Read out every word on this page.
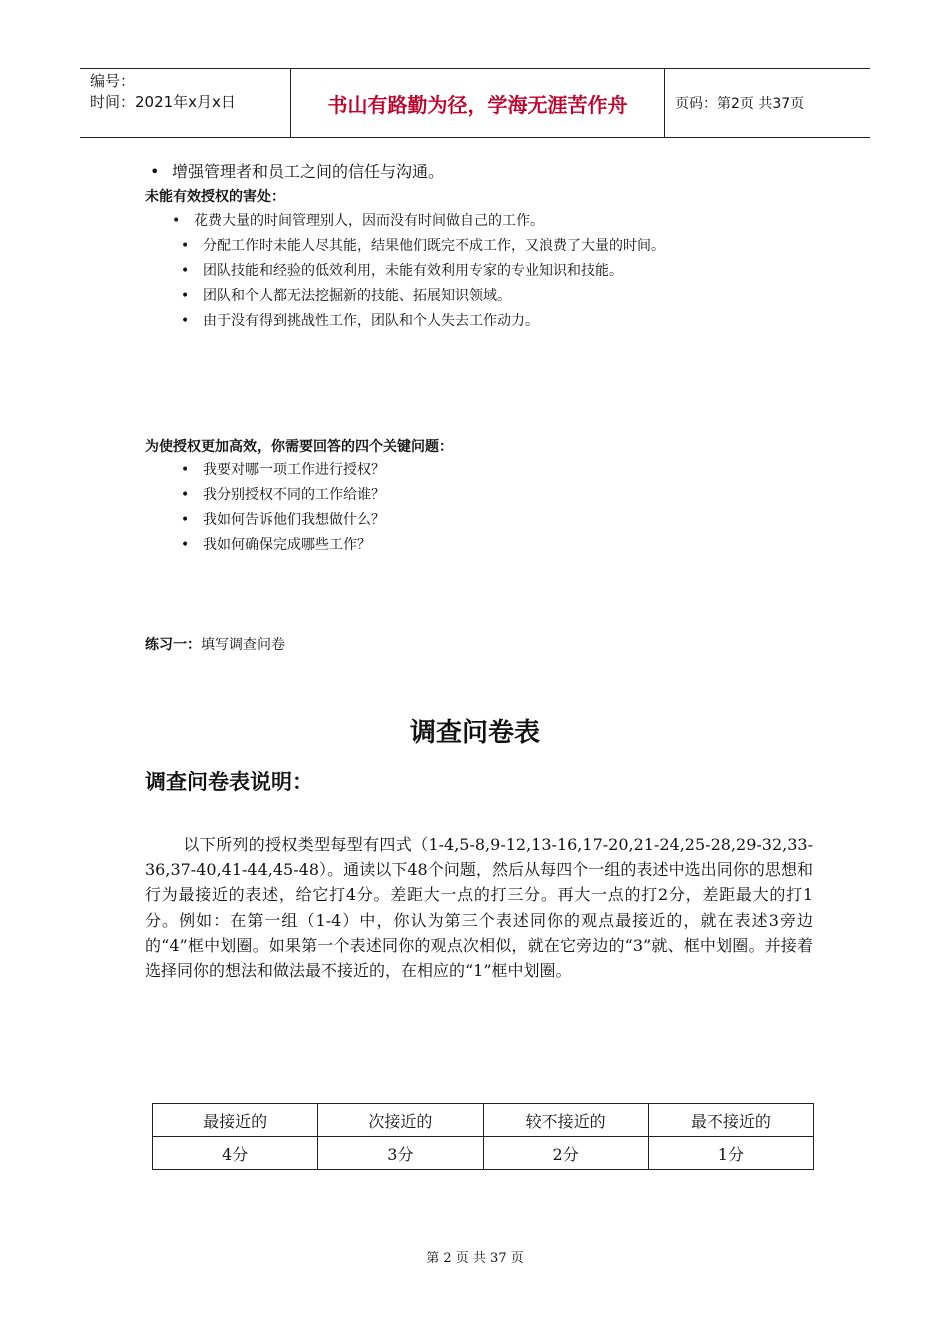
编号：
时间：2021年x月x日	书山有路勤为径，学海无涯苦作舟	页码：第2页 共37页
• 增强管理者和员工之间的信任与沟通。
未能有效授权的害处：
• 花费大量的时间管理别人，因而没有时间做自己的工作。
• 分配工作时未能人尽其能，结果他们既完不成工作，又浪费了大量的时间。
• 团队技能和经验的低效利用，未能有效利用专家的专业知识和技能。
• 团队和个人都无法挖掘新的技能、拓展知识领域。
• 由于没有得到挑战性工作，团队和个人失去工作动力。
为使授权更加高效，你需要回答的四个关键问题：
• 我要对哪一项工作进行授权？
• 我分别授权不同的工作给谁？
• 我如何告诉他们我想做什么？
• 我如何确保完成哪些工作？
练习一：填写调查问卷
调查问卷表
调查问卷表说明：
以下所列的授权类型每型有四式（1-4,5-8,9-12,13-16,17-20,21-24,25-28,29-32,33-36,37-40,41-44,45-48）。通读以下48个问题，然后从每四个一组的表述中选出同你的思想和行为最接近的表述，给它打4分。差距大一点的打三分。再大一点的打2分，差距最大的打1分。例如：在第一组（1-4）中，你认为第三个表述同你的观点最接近的，就在表述3旁边的“4”框中划圈。如果第一个表述同你的观点次相似，就在它旁边的“3”就、框中划圈。并接着选择同你的想法和做法最不接近的，在相应的“1”框中划圈。
最接近的	次接近的	较不接近的	最不接近的
4分	3分	2分	1分
第 2 页 共 37 页
